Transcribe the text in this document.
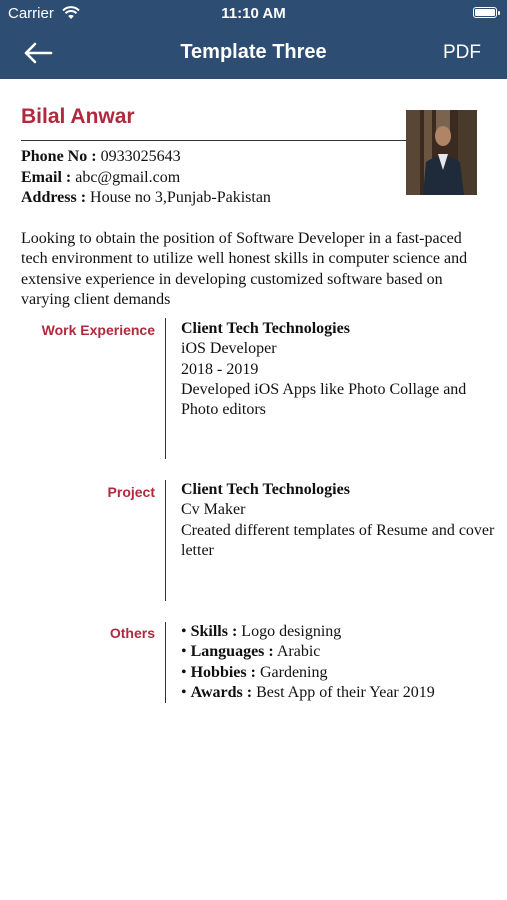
Carrier	11:10 AM
Template Three	PDF
Bilal Anwar
Phone No : 0933025643
Email : abc@gmail.com
Address : House no 3,Punjab-Pakistan
Looking to obtain the position of Software Developer in a fast-paced tech environment to utilize well honest skills in computer science and extensive experience in developing customized software based on varying client demands
Work Experience Client Tech Technologies
iOS Developer
2018 - 2019
Developed iOS Apps like Photo Collage and Photo editors
Project Client Tech Technologies
Cv Maker
Created different templates of Resume and cover letter
Others • Skills : Logo designing
• Languages : Arabic
• Hobbies : Gardening
• Awards : Best App of their Year 2019
